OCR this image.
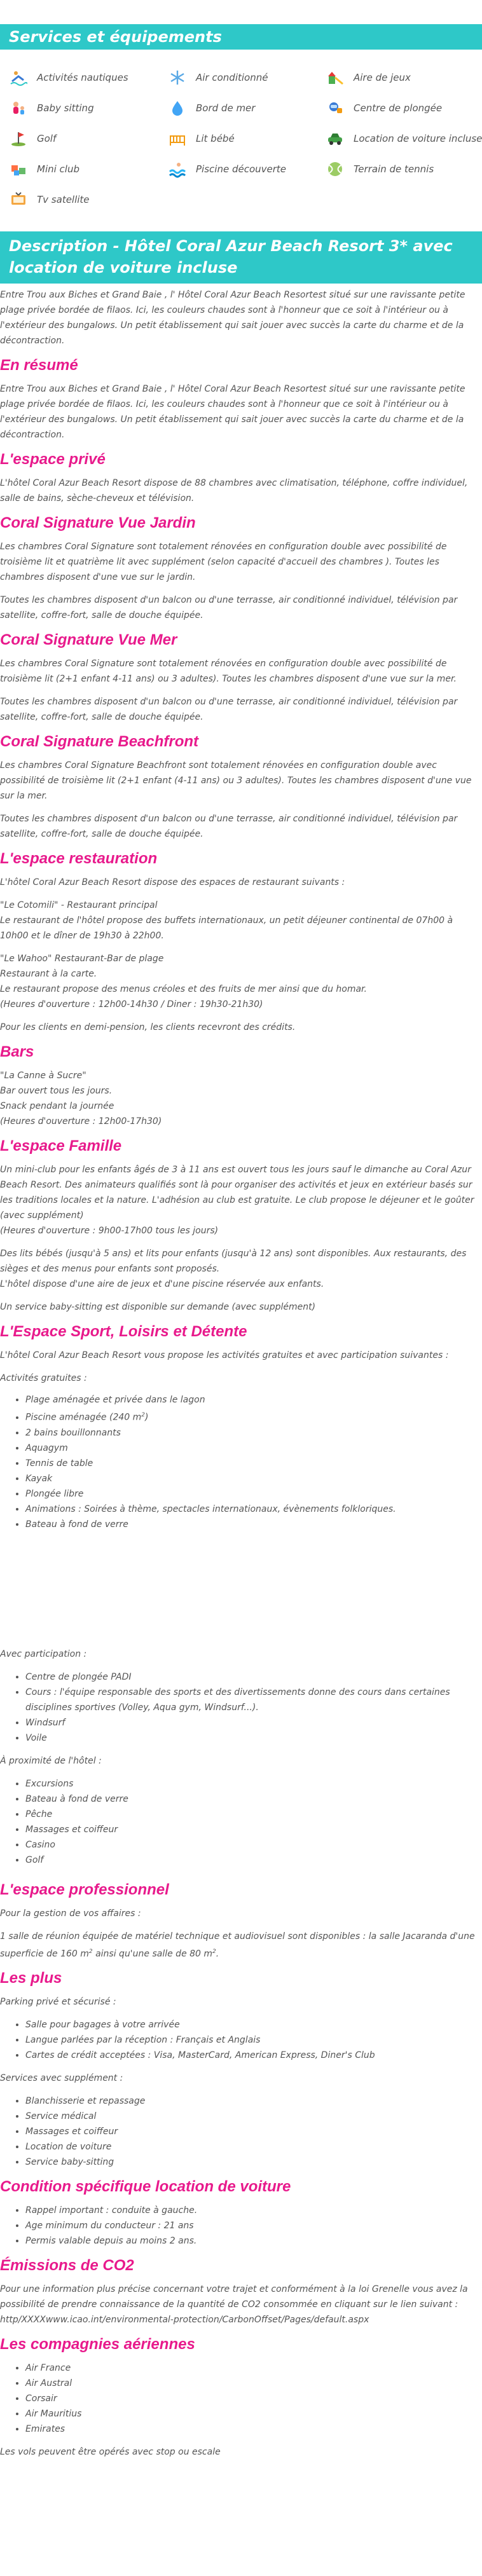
Services et équipements
Activités nautiques	Air conditionné	Aire de jeux
Baby sitting	Bord de mer	Centre de plongée
Golf	Lit bébé	Location de voiture incluse
Mini club	Piscine découverte	Terrain de tennis
Tv satellite
Description - Hôtel Coral Azur Beach Resort 3* avec location de voiture incluse

Entre Trou aux Biches et Grand Baie , l' Hôtel Coral Azur Beach Resortest situé sur une ravissante petite plage privée bordée de filaos. Ici, les couleurs chaudes sont à l'honneur que ce soit à l'intérieur ou à l'extérieur des bungalows. Un petit établissement qui sait jouer avec succès la carte du charme et de la décontraction.

En résumé

Entre Trou aux Biches et Grand Baie , l' Hôtel Coral Azur Beach Resortest situé sur une ravissante petite plage privée bordée de filaos. Ici, les couleurs chaudes sont à l'honneur que ce soit à l'intérieur ou à l'extérieur des bungalows. Un petit établissement qui sait jouer avec succès la carte du charme et de la décontraction.

L'espace privé

L'hôtel Coral Azur Beach Resort dispose de 88 chambres avec climatisation, téléphone, coffre individuel, salle de bains, sèche-cheveux et télévision.

Coral Signature Vue Jardin

Les chambres Coral Signature sont totalement rénovées en configuration double avec possibilité de troisième lit et quatrième lit avec supplément (selon capacité d'accueil des chambres ). Toutes les chambres disposent d'une vue sur le jardin.

Toutes les chambres disposent d'un balcon ou d'une terrasse, air conditionné individuel, télévision par satellite, coffre-fort, salle de douche équipée.

Coral Signature Vue Mer

Les chambres Coral Signature sont totalement rénovées en configuration double avec possibilité de troisième lit (2+1 enfant 4-11 ans) ou 3 adultes). Toutes les chambres disposent d'une vue sur la mer.

Toutes les chambres disposent d'un balcon ou d'une terrasse, air conditionné individuel, télévision par satellite, coffre-fort, salle de douche équipée.

Coral Signature Beachfront

Les chambres Coral Signature Beachfront sont totalement rénovées en configuration double avec possibilité de troisième lit (2+1 enfant (4-11 ans) ou 3 adultes). Toutes les chambres disposent d'une vue sur la mer.

Toutes les chambres disposent d'un balcon ou d'une terrasse, air conditionné individuel, télévision par satellite, coffre-fort, salle de douche équipée.

L'espace restauration

L'hôtel Coral Azur Beach Resort dispose des espaces de restaurant suivants :

"Le Cotomili" - Restaurant principal

Le restaurant de l'hôtel propose des buffets internationaux, un petit déjeuner continental de 07h00 à 10h00 et le dîner de 19h30 à 22h00.

"Le Wahoo" Restaurant-Bar de plage

Restaurant à la carte.

Le restaurant propose des menus créoles et des fruits de mer ainsi que du homar.

(Heures d'ouverture : 12h00-14h30 / Diner : 19h30-21h30)

Pour les clients en demi-pension, les clients recevront des crédits.

Bars

"La Canne à Sucre"

Bar ouvert tous les jours.

Snack pendant la journée

(Heures d'ouverture : 12h00-17h30)

L'espace Famille

Un mini-club pour les enfants âgés de 3 à 11 ans est ouvert tous les jours sauf le dimanche au Coral Azur Beach Resort. Des animateurs qualifiés sont là pour organiser des activités et jeux en extérieur basés sur les traditions locales et la nature. L'adhésion au club est gratuite. Le club propose le déjeuner et le goûter (avec supplément)

(Heures d'ouverture : 9h00-17h00 tous les jours)

Des lits bébés (jusqu'à 5 ans) et lits pour enfants (jusqu'à 12 ans) sont disponibles. Aux restaurants, des sièges et des menus pour enfants sont proposés.

L'hôtel dispose d'une aire de jeux et d'une piscine réservée aux enfants.

Un service baby-sitting est disponible sur demande (avec supplément)

L'Espace Sport, Loisirs et Détente

L'hôtel Coral Azur Beach Resort vous propose les activités gratuites et avec participation suivantes :

Activités gratuites :

• Plage aménagée et privée dans le lagon
• Piscine aménagée (240 $m^2$)
• 2 bains bouillonnants
• Aquagym
• Tennis de table
• Kayak
• Plongée libre
• Animations : Soirées à thème, spectacles internationaux, évènements folkloriques.
• Bateau à fond de verre

Avec participation :

• Centre de plongée PADI
• Cours : l'équipe responsable des sports et des divertissements donne des cours dans certaines disciplines sportives (Volley, Aqua gym, Windsurf...).
• Windsurf
• Voile

À proximité de l'hôtel :

• Excursions
• Bateau à fond de verre
• Pêche
• Massages et coiffeur
• Casino
• Golf
L'espace professionnel

Pour la gestion de vos affaires :

1 salle de réunion équipée de matériel technique et audiovisuel sont disponibles : la salle Jacaranda d'une superficie de 160 $m^2$ ainsi qu'une salle de 80 $m^2$.

Les plus

Parking privé et sécurisé :

• Salle pour bagages à votre arrivée
• Langue parlées par la réception : Français et Anglais
• Cartes de crédit acceptées : Visa, MasterCard, American Express, Diner's Club

Services avec supplément :

• Blanchisserie et repassage
• Service médical
• Massages et coiffeur
• Location de voiture
• Service baby-sitting
Condition spécifique location de voiture
• Rappel important : conduite à gauche.
• Age minimum du conducteur : 21 ans
• Permis valable depuis au moins 2 ans.
Émissions de CO2

Pour une information plus précise concernant votre trajet et conformément à la loi Grenelle vous avez la possibilité de prendre connaissance de la quantité de CO2 consommée en cliquant sur le lien suivant : http/XXXXwww.icao.int/environmental-protection/CarbonOffset/Pages/default.aspx

Les compagnies aériennes
• Air France
• Air Austral
• Corsair
• Air Mauritius
• Emirates

Les vols peuvent être opérés avec stop ou escale
